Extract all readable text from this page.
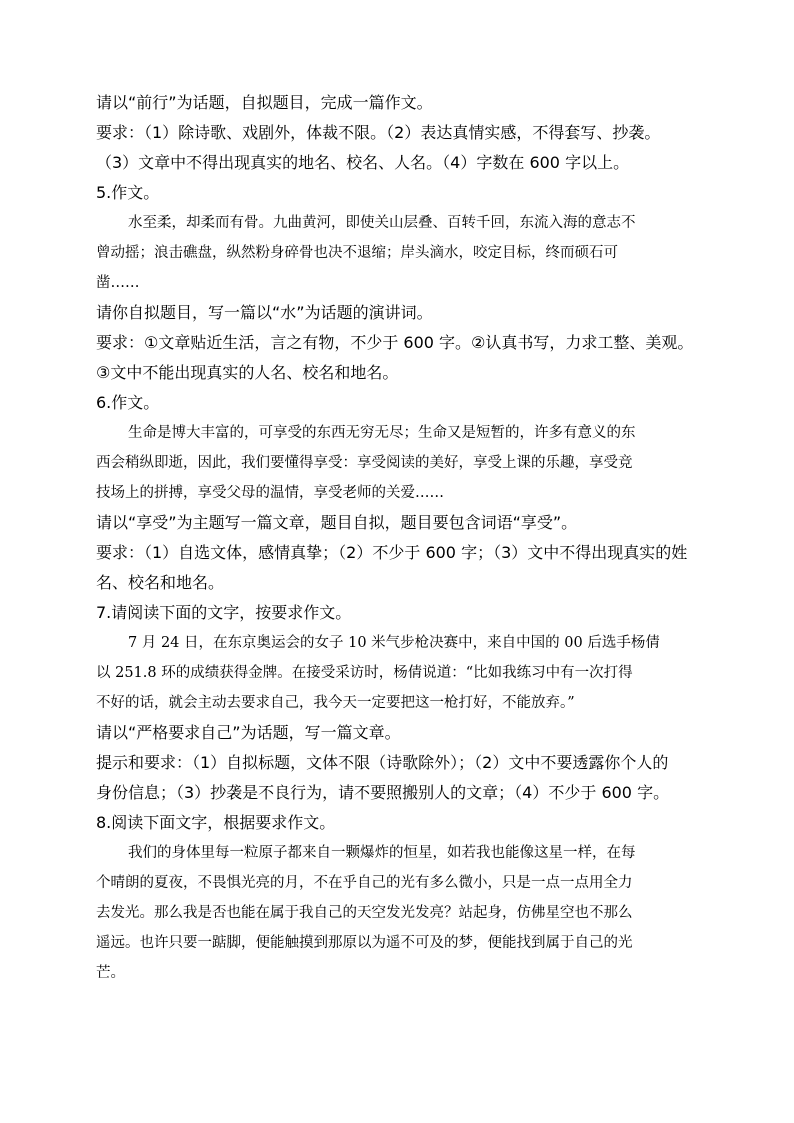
请以“前行”为话题，自拟题目，完成一篇作文。
要求：（1）除诗歌、戏剧外，体裁不限。（2）表达真情实感，不得套写、抄袭。
（3）文章中不得出现真实的地名、校名、人名。（4）字数在 600 字以上。
5.作文。
水至柔，却柔而有骨。九曲黄河，即使关山层叠、百转千回，东流入海的意志不
曾动摇；浪击礁盘，纵然粉身碎骨也决不退缩；岸头滴水，咬定目标，终而硕石可
凿……
请你自拟题目，写一篇以“水”为话题的演讲词。
要求：①文章贴近生活，言之有物，不少于 600 字。②认真书写，力求工整、美观。
③文中不能出现真实的人名、校名和地名。
6.作文。
生命是博大丰富的，可享受的东西无穷无尽；生命又是短暂的，许多有意义的东
西会稍纵即逝，因此，我们要懂得享受：享受阅读的美好，享受上课的乐趣，享受竞
技场上的拼搏，享受父母的温情，享受老师的关爱……
请以“享受”为主题写一篇文章，题目自拟，题目要包含词语“享受”。
要求：（1）自选文体，感情真挚；（2）不少于 600 字；（3）文中不得出现真实的姓
名、校名和地名。
7.请阅读下面的文字，按要求作文。
7 月 24 日，在东京奥运会的女子 10 米气步枪决赛中，来自中国的 00 后选手杨倩
以 251.8 环的成绩获得金牌。在接受采访时，杨倩说道：“比如我练习中有一次打得
不好的话，就会主动去要求自己，我今天一定要把这一枪打好，不能放弃。”
请以“严格要求自己”为话题，写一篇文章。
提示和要求：（1）自拟标题，文体不限（诗歌除外）；（2）文中不要透露你个人的
身份信息；（3）抄袭是不良行为，请不要照搬别人的文章；（4）不少于 600 字。
8.阅读下面文字，根据要求作文。
我们的身体里每一粒原子都来自一颗爆炸的恒星，如若我也能像这星一样，在每
个晴朗的夏夜，不畏惧光亮的月，不在乎自己的光有多么微小，只是一点一点用全力
去发光。那么我是否也能在属于我自己的天空发光发亮？站起身，仿佛星空也不那么
遥远。也许只要一踮脚，便能触摸到那原以为遥不可及的梦，便能找到属于自己的光
芒。
